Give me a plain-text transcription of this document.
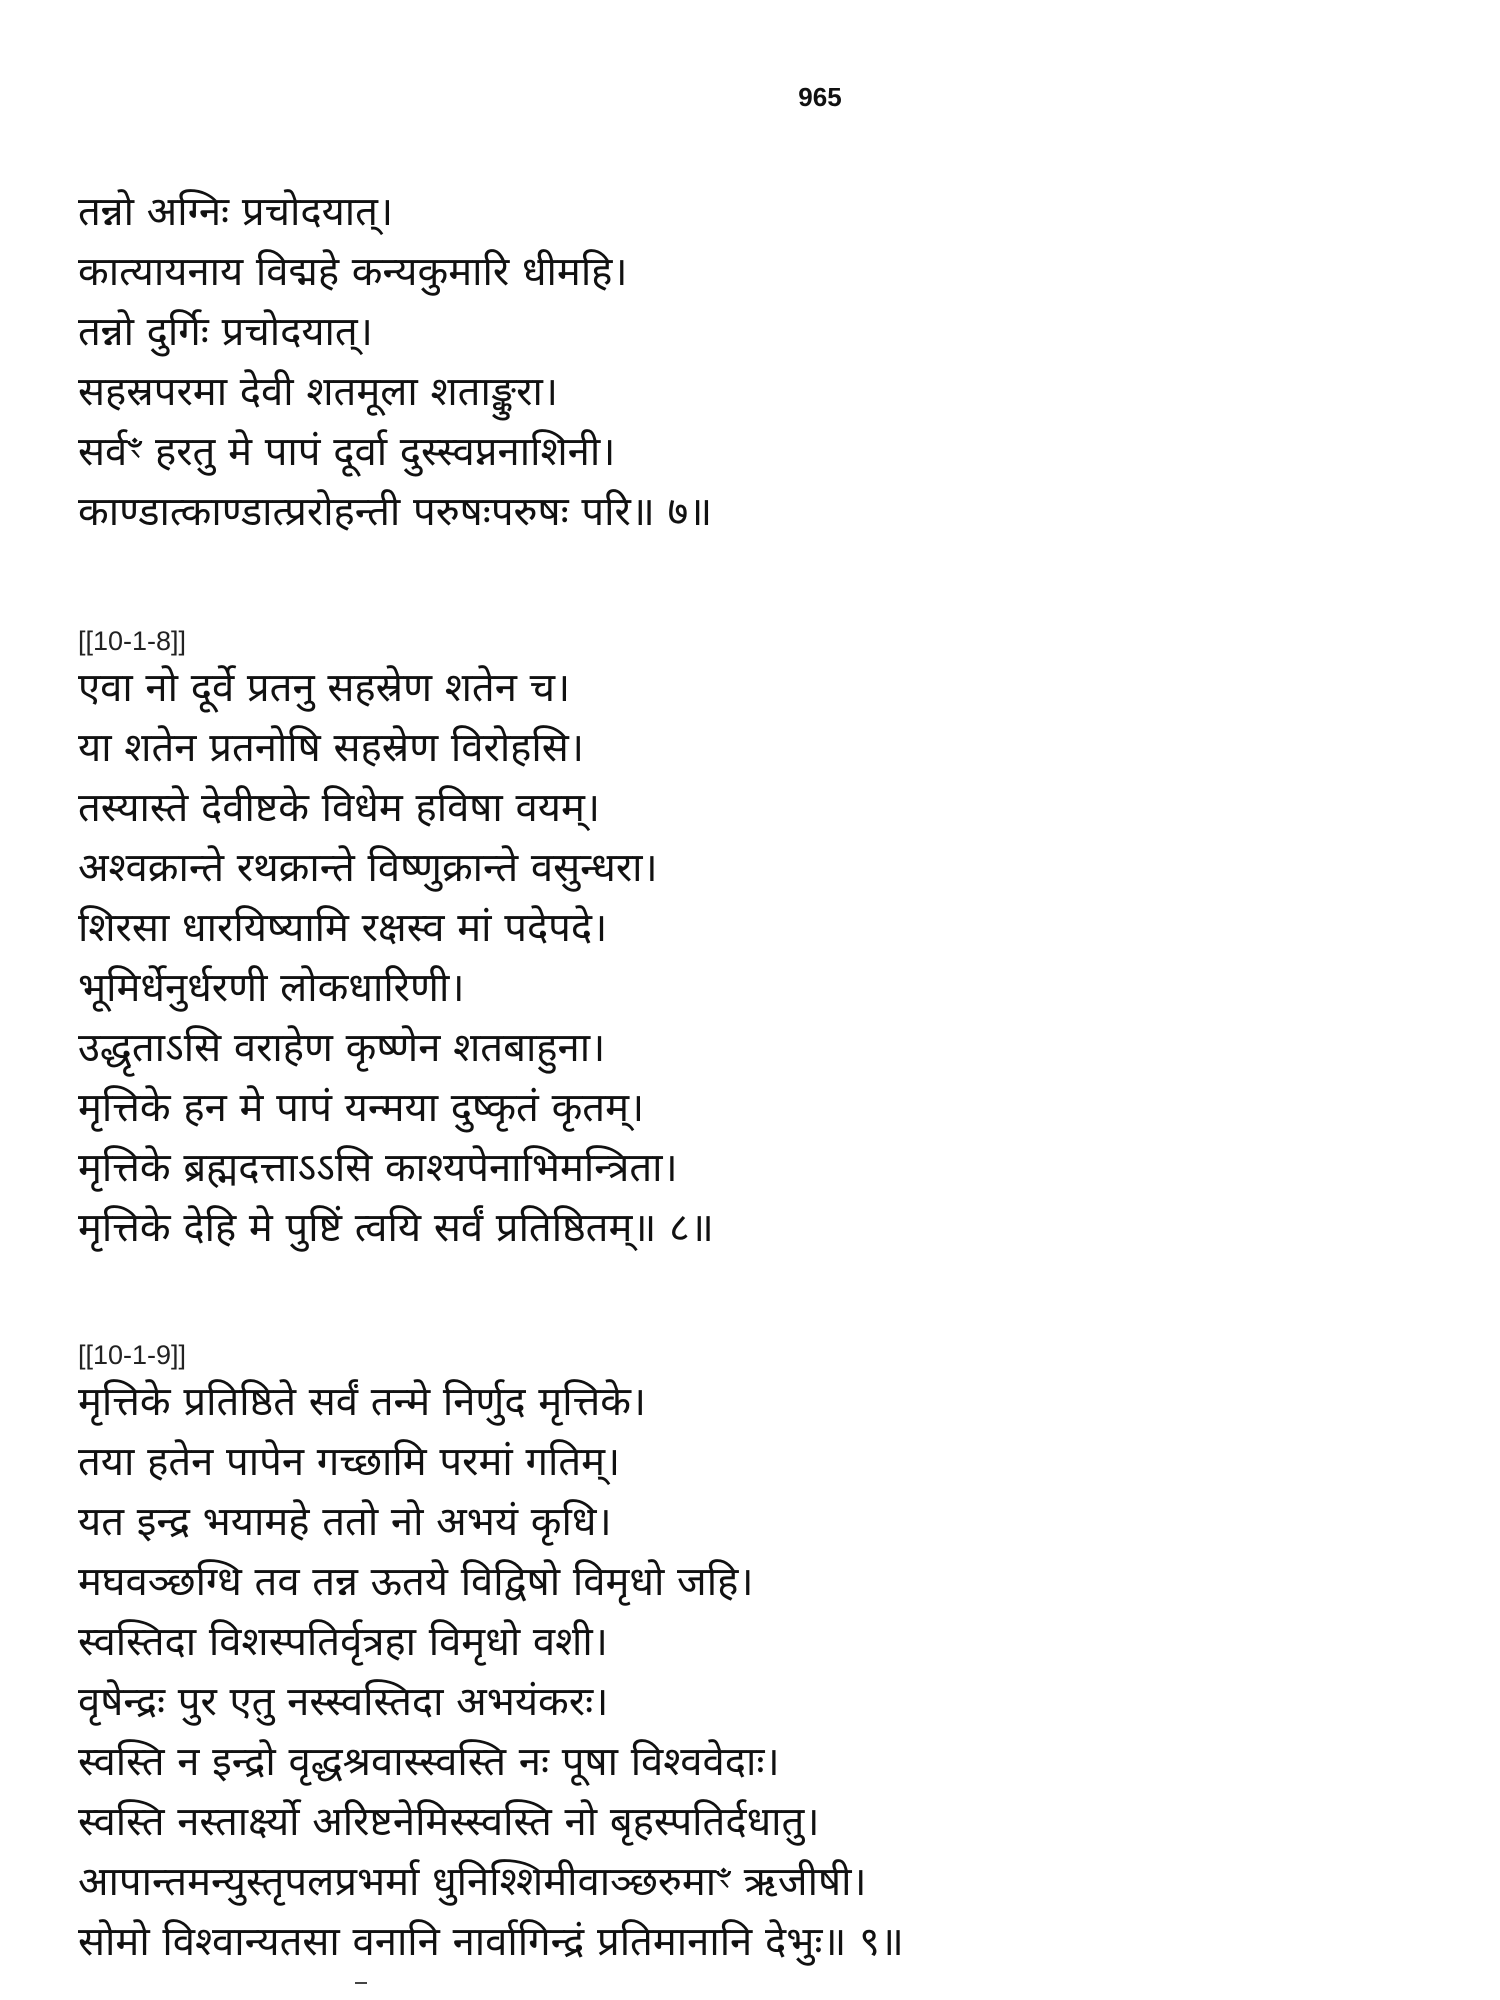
965
तन्नो अग्निः प्रचोदयात्।
कात्यायनाय विद्महे कन्यकुमारि धीमहि।
तन्नो दुर्गिः प्रचोदयात्।
सहस्रपरमा देवी शतमूला शताङ्कुरा।
सर्वꣳ हरतु मे पापं दूर्वा दुस्स्वप्ननाशिनी।
काण्डात्काण्डात्प्ररोहन्ती परुषःपरुषः परि॥ ७॥
[[10-1-8]]
एवा नो दूर्वे प्रतनु सहस्रेण शतेन च।
या शतेन प्रतनोषि सहस्रेण विरोहसि।
तस्यास्ते देवीष्टके विधेम हविषा वयम्।
अश्वक्रान्ते रथक्रान्ते विष्णुक्रान्ते वसुन्धरा।
शिरसा धारयिष्यामि रक्षस्व मां पदेपदे।
भूमिर्धेनुर्धरणी लोकधारिणी।
उद्धृताऽसि वराहेण कृष्णेन शतबाहुना।
मृत्तिके हन मे पापं यन्मया दुष्कृतं कृतम्।
मृत्तिके ब्रह्मदत्ताऽऽसि काश्यपेनाभिमन्त्रिता।
मृत्तिके देहि मे पुष्टिं त्वयि सर्वं प्रतिष्ठितम्॥ ८॥
[[10-1-9]]
मृत्तिके प्रतिष्ठिते सर्वं तन्मे निर्णुद मृत्तिके।
तया हतेन पापेन गच्छामि परमां गतिम्।
यत इन्द्र भयामहे ततो नो अभयं कृधि।
मघवञ्छग्धि तव तन्न ऊतये विद्विषो विमृधो जहि।
स्वस्तिदा विशस्पतिर्वृत्रहा विमृधो वशी।
वृषेन्द्रः पुर एतु नस्स्वस्तिदा अभयंकरः।
स्वस्ति न इन्द्रो वृद्धश्रवास्स्वस्ति नः पूषा विश्ववेदाः।
स्वस्ति नस्तार्क्ष्यो अरिष्टनेमिस्स्वस्ति नो बृहस्पतिर्दधातु।
आपान्तमन्युस्तृपलप्रभर्मा धुनिश्शिमीवाञ्छरुमाꣳ ऋजीषी।
सोमो विश्वान्यतसा वनानि नार्वागिन्द्रं प्रतिमानानि देभुः॥ ९॥
